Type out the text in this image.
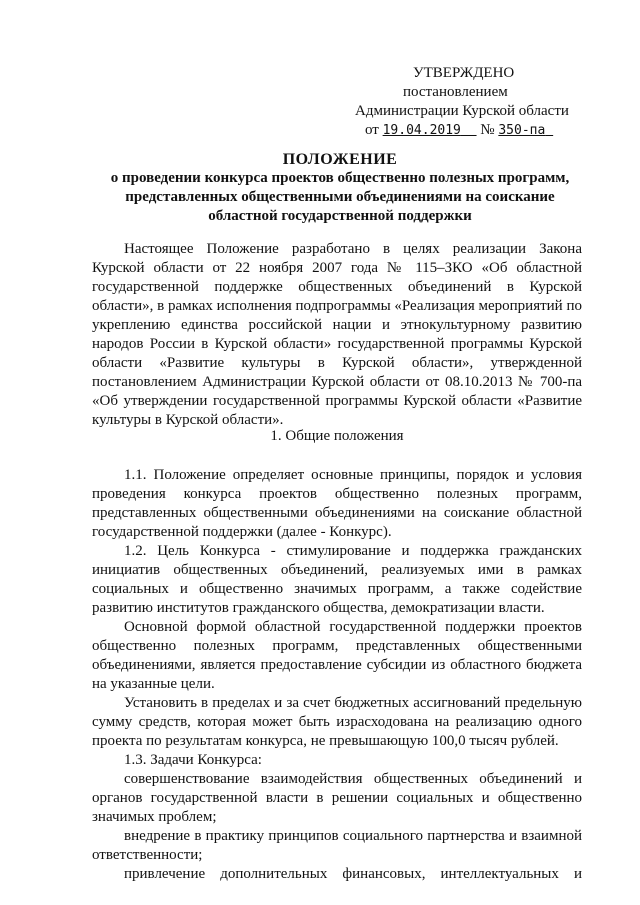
УТВЕРЖДЕНО
постановлением
Администрации Курской области
от 19.04.2019 № 350-па
ПОЛОЖЕНИЕ
о проведении конкурса проектов общественно полезных программ, представленных общественными объединениями на соискание областной государственной поддержки

Настоящее Положение разработано в целях реализации Закона Курской области от 22 ноября 2007 года № 115–ЗКО «Об областной государственной поддержке общественных объединений в Курской области», в рамках исполнения подпрограммы «Реализация мероприятий по укреплению единства российской нации и этнокультурному развитию народов России в Курской области» государственной программы Курской области «Развитие культуры в Курской области», утвержденной постановлением Администрации Курской области от 08.10.2013 № 700-па «Об утверждении государственной программы Курской области «Развитие культуры в Курской области».

1. Общие положения

1.1. Положение определяет основные принципы, порядок и условия проведения конкурса проектов общественно полезных программ, представленных общественными объединениями на соискание областной государственной поддержки (далее - Конкурс).

1.2. Цель Конкурса - стимулирование и поддержка гражданских инициатив общественных объединений, реализуемых ими в рамках социальных и общественно значимых программ, а также содействие развитию институтов гражданского общества, демократизации власти.

Основной формой областной государственной поддержки проектов общественно полезных программ, представленных общественными объединениями, является предоставление субсидии из областного бюджета на указанные цели.

Установить в пределах и за счет бюджетных ассигнований предельную сумму средств, которая может быть израсходована на реализацию одного проекта по результатам конкурса, не превышающую 100,0 тысяч рублей.

1.3. Задачи Конкурса:

совершенствование взаимодействия общественных объединений и органов государственной власти в решении социальных и общественно значимых проблем;

внедрение в практику принципов социального партнерства и взаимной ответственности;

привлечение дополнительных финансовых, интеллектуальных и
